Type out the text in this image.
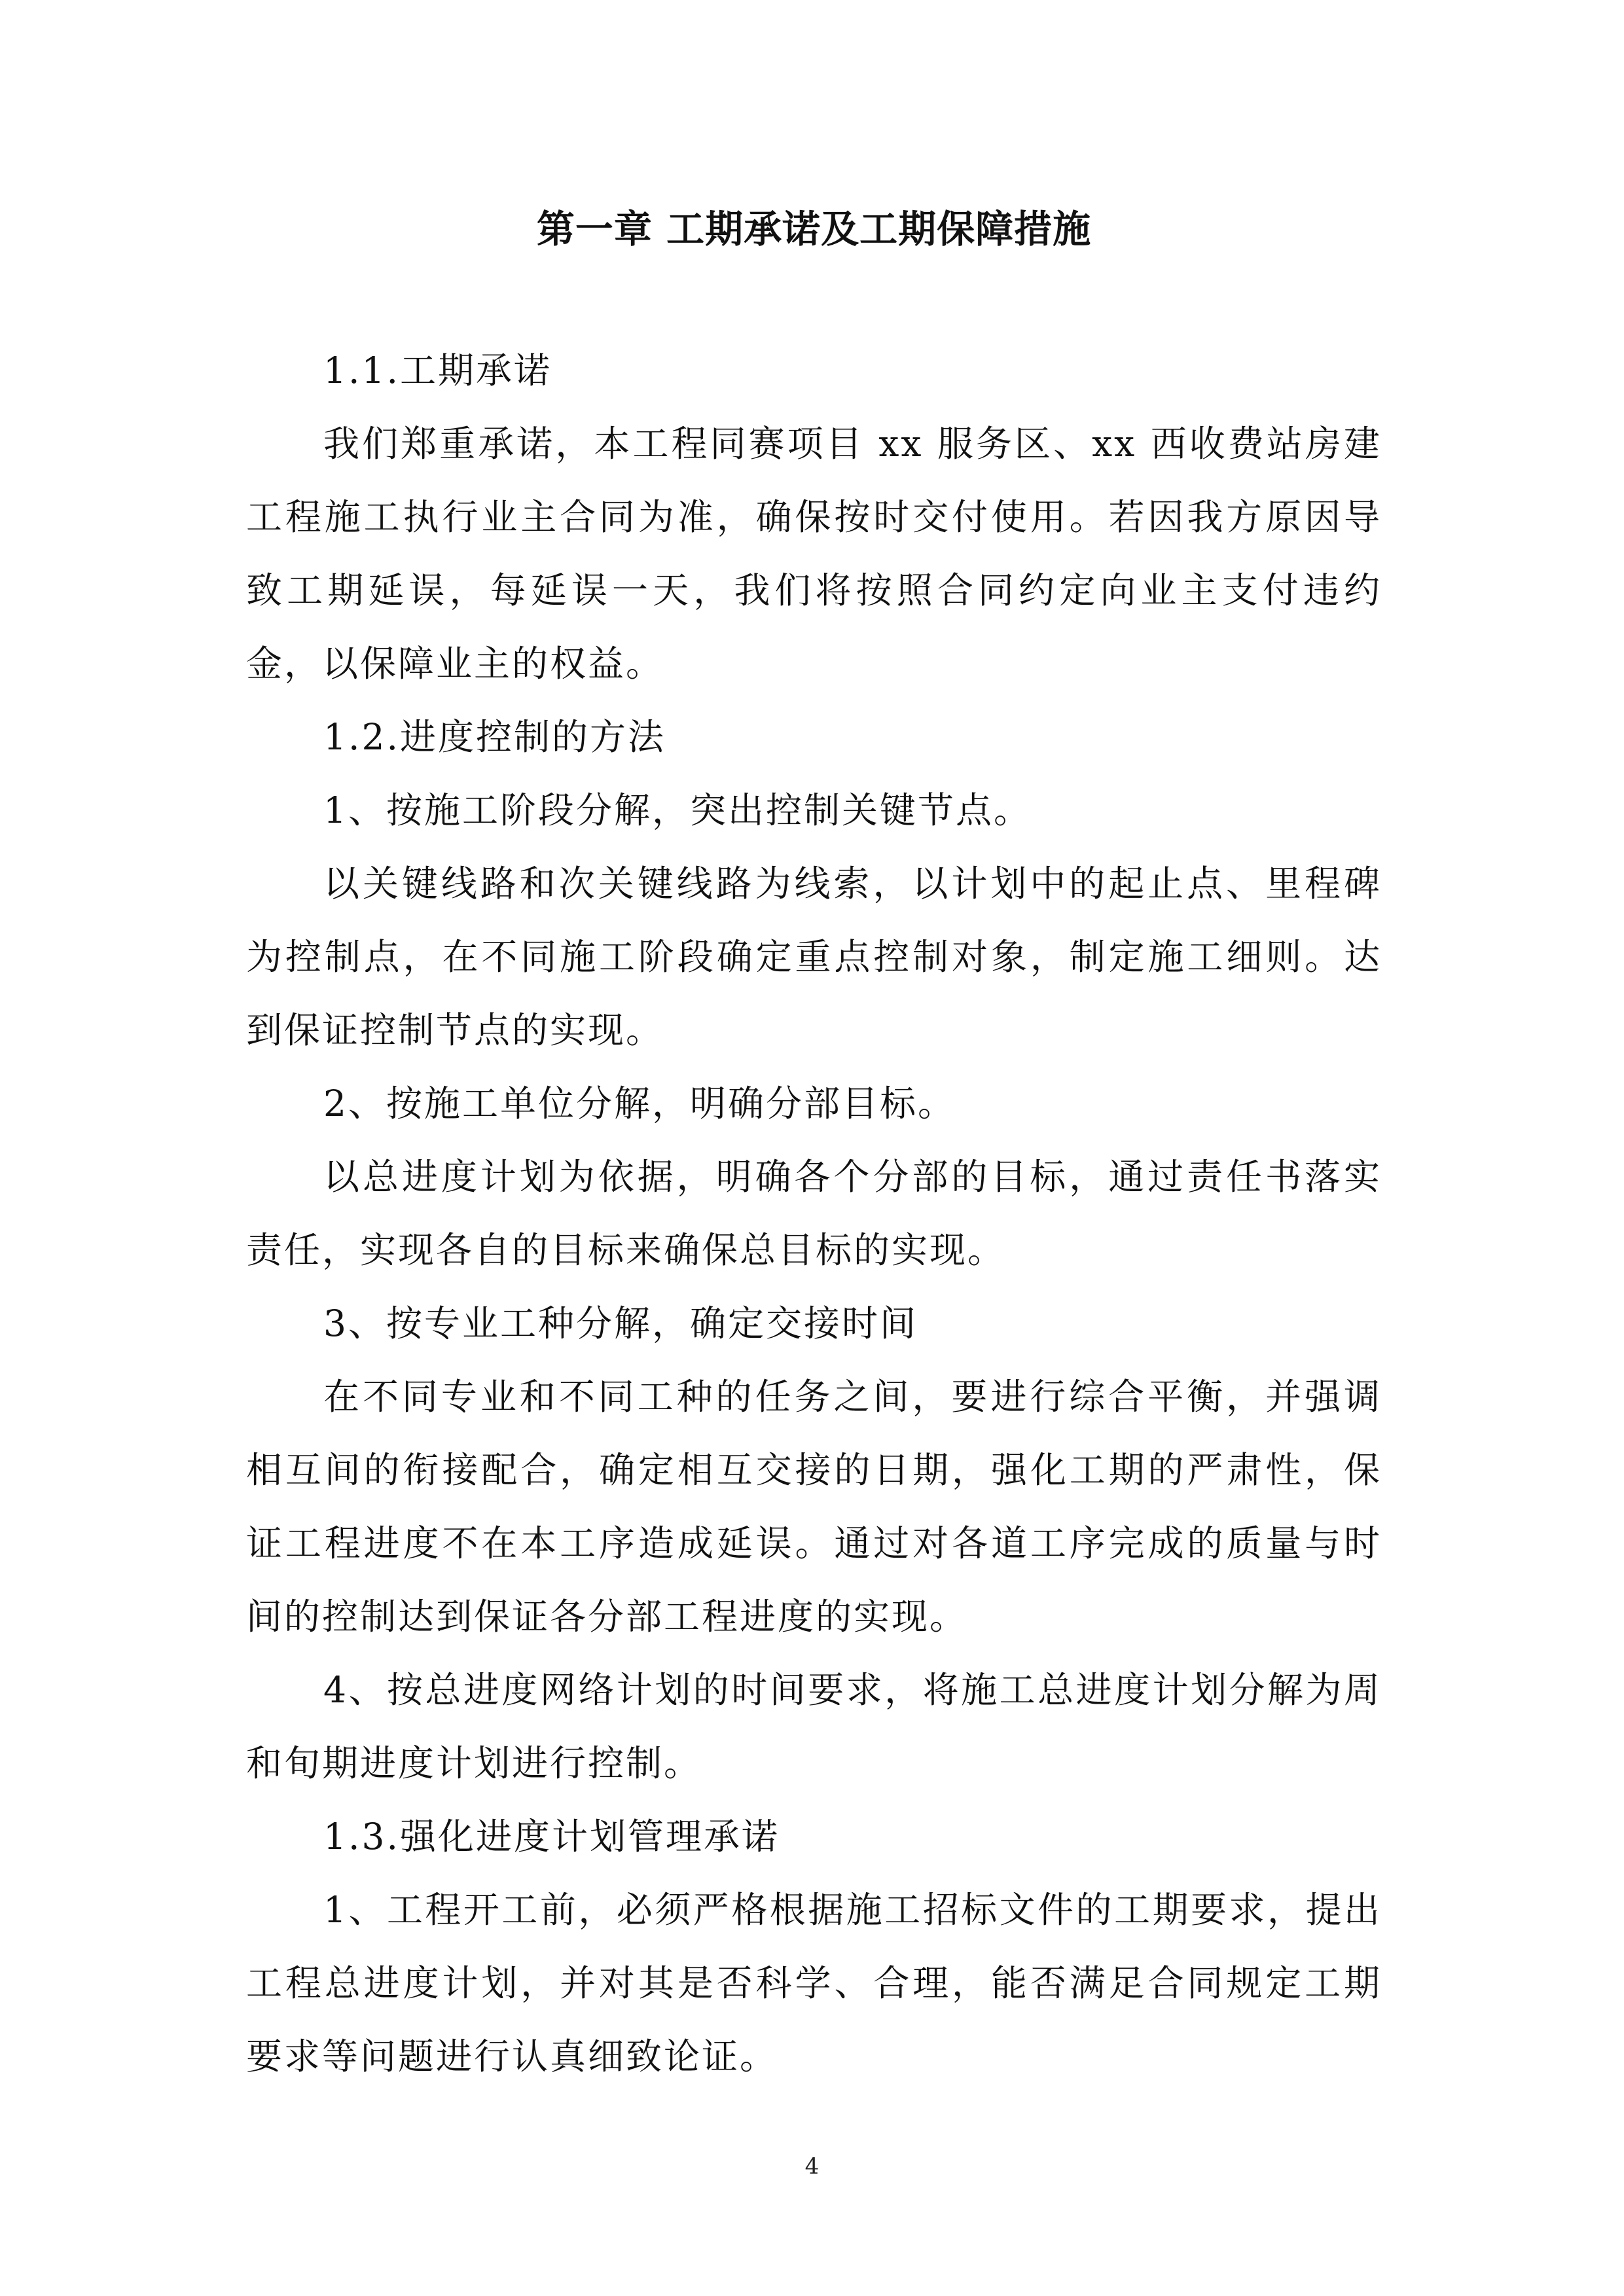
第一章 工期承诺及工期保障措施

1.1.工期承诺

我们郑重承诺，本工程同赛项目 xx 服务区、xx 西收费站房建工程施工执行业主合同为准，确保按时交付使用。若因我方原因导致工期延误，每延误一天，我们将按照合同约定向业主支付违约金，以保障业主的权益。

1.2.进度控制的方法

1、按施工阶段分解，突出控制关键节点。

以关键线路和次关键线路为线索，以计划中的起止点、里程碑为控制点，在不同施工阶段确定重点控制对象，制定施工细则。达到保证控制节点的实现。

2、按施工单位分解，明确分部目标。

以总进度计划为依据，明确各个分部的目标，通过责任书落实责任，实现各自的目标来确保总目标的实现。

3、按专业工种分解，确定交接时间

在不同专业和不同工种的任务之间，要进行综合平衡，并强调相互间的衔接配合，确定相互交接的日期，强化工期的严肃性，保证工程进度不在本工序造成延误。通过对各道工序完成的质量与时间的控制达到保证各分部工程进度的实现。

4、按总进度网络计划的时间要求，将施工总进度计划分解为周和旬期进度计划进行控制。

1.3.强化进度计划管理承诺

1、工程开工前，必须严格根据施工招标文件的工期要求，提出工程总进度计划，并对其是否科学、合理，能否满足合同规定工期要求等问题进行认真细致论证。

4
